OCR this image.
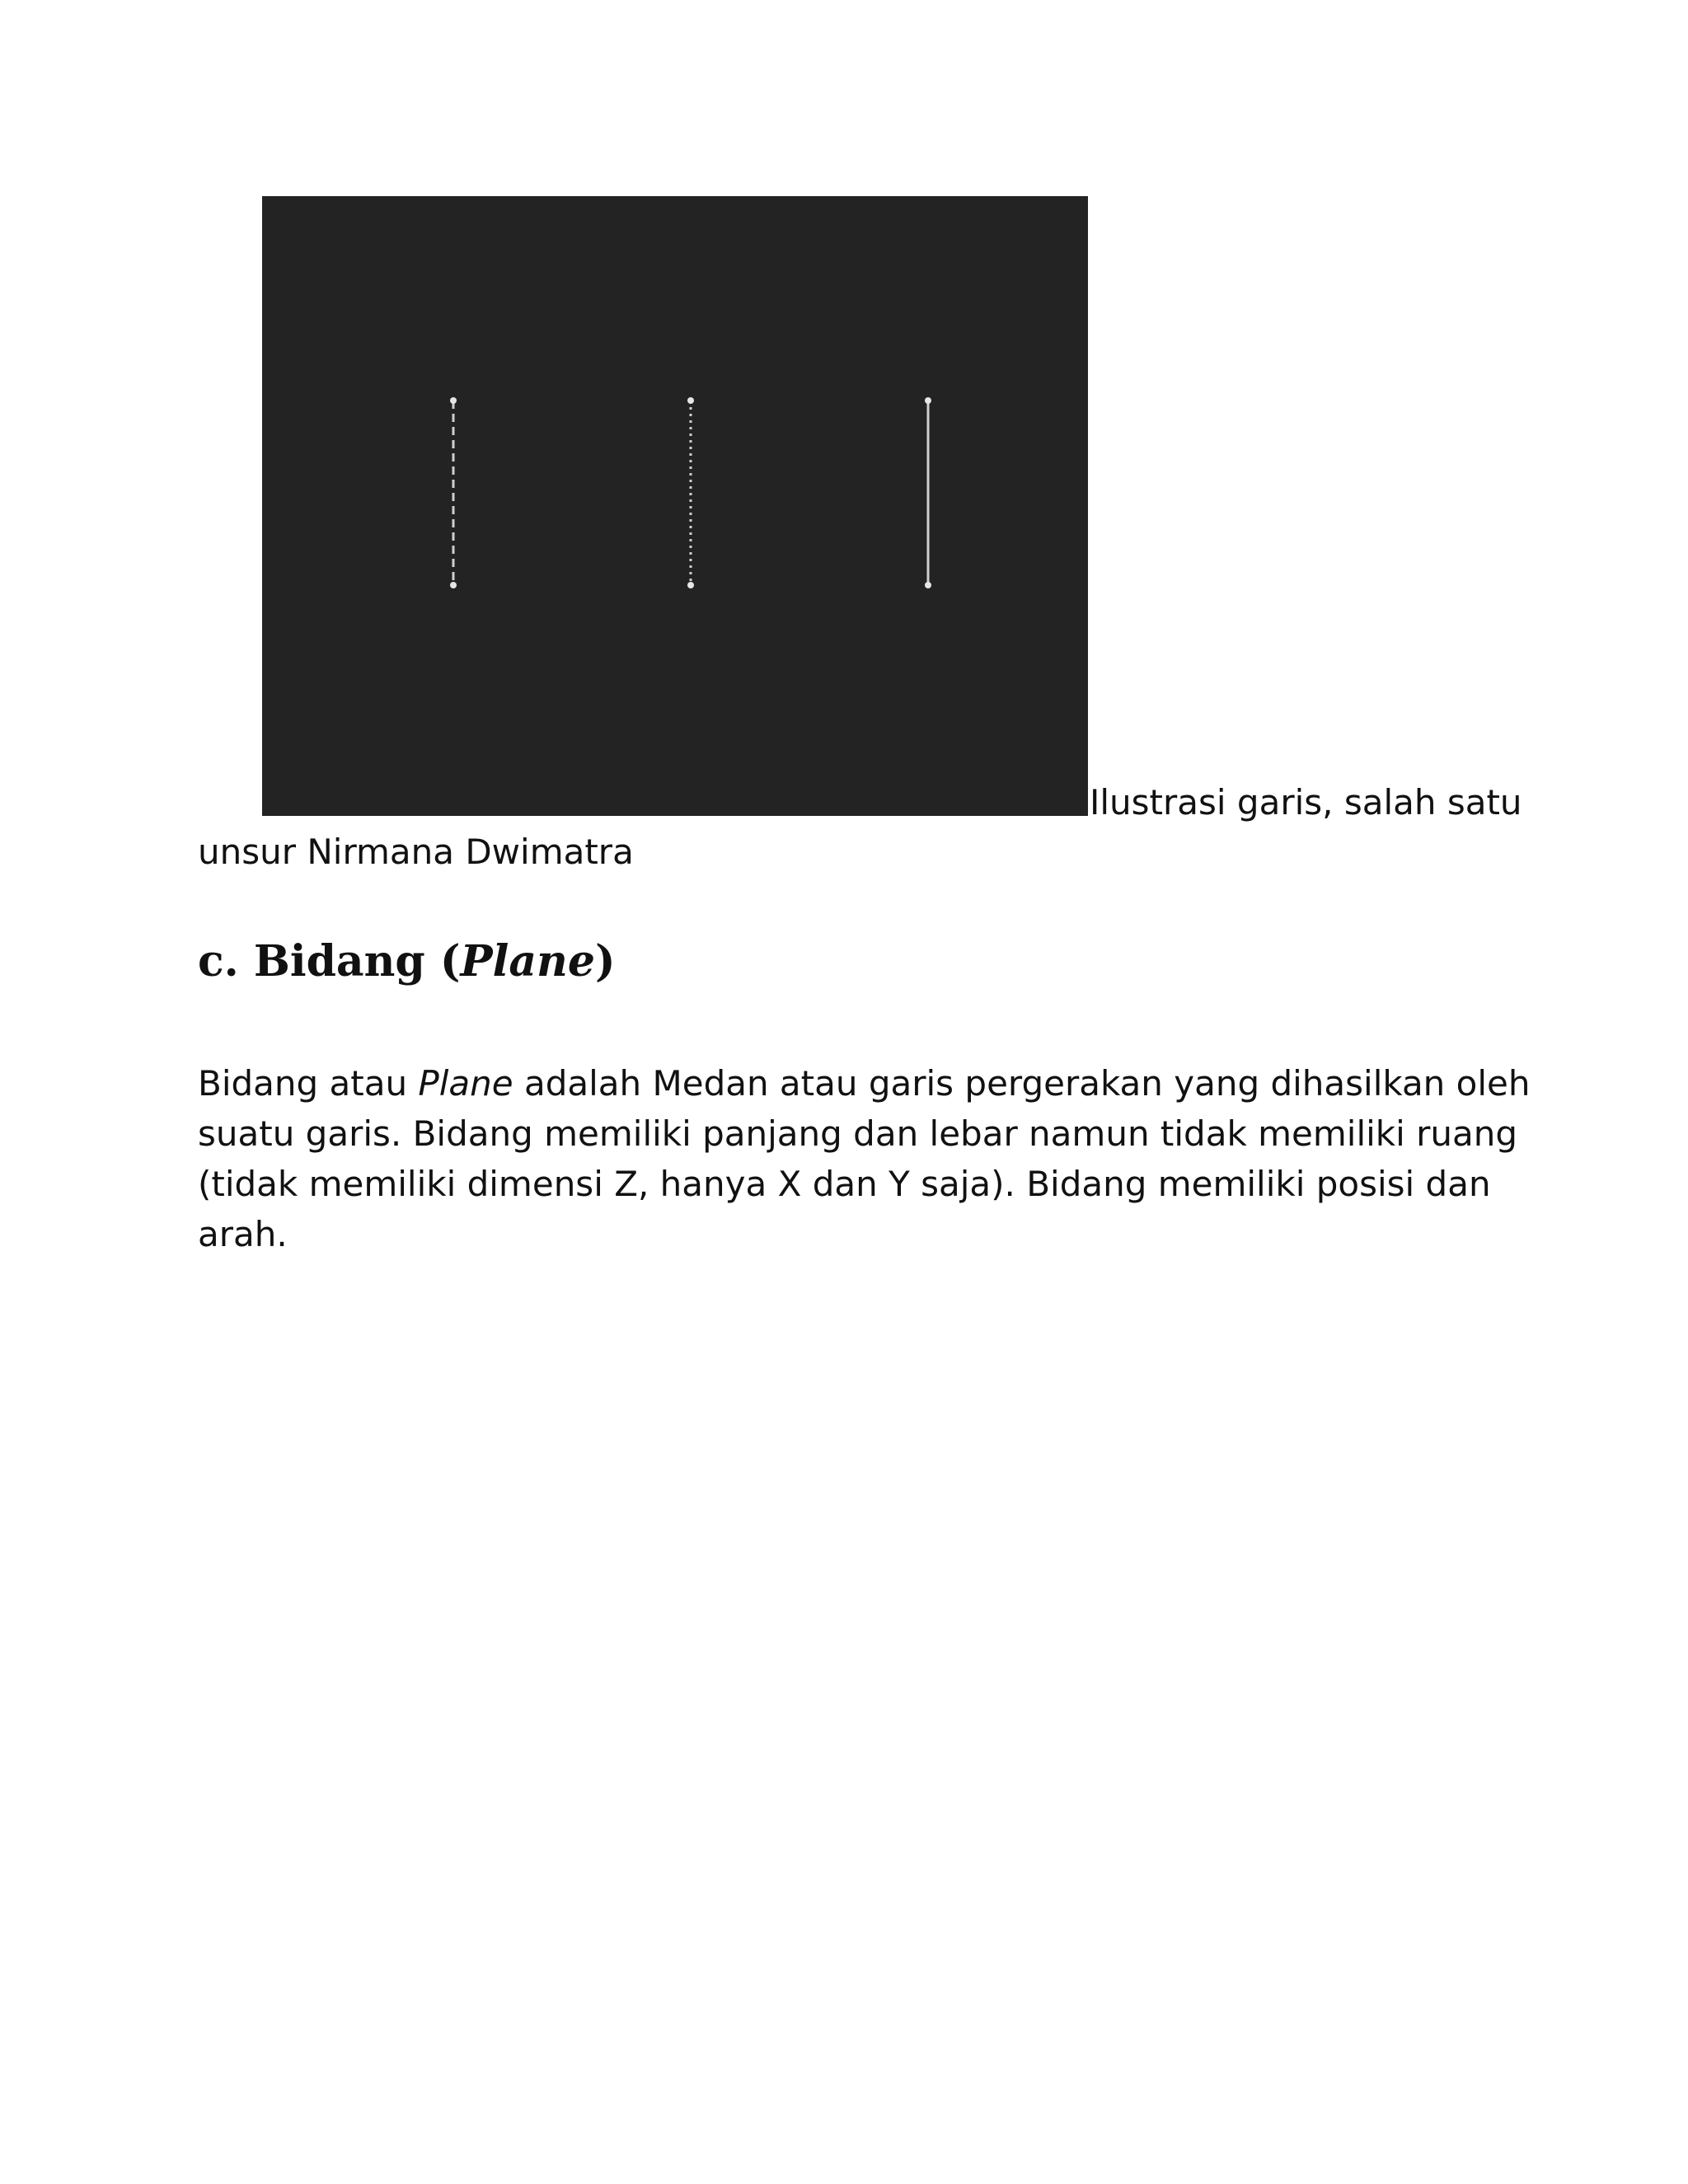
Ilustrasi garis, salah satu
unsur Nirmana Dwimatra
c. Bidang (Plane)

Bidang atau Plane adalah Medan atau garis pergerakan yang dihasilkan oleh
suatu garis. Bidang memiliki panjang dan lebar namun tidak memiliki ruang
(tidak memiliki dimensi Z, hanya X dan Y saja). Bidang memiliki posisi dan
arah.
